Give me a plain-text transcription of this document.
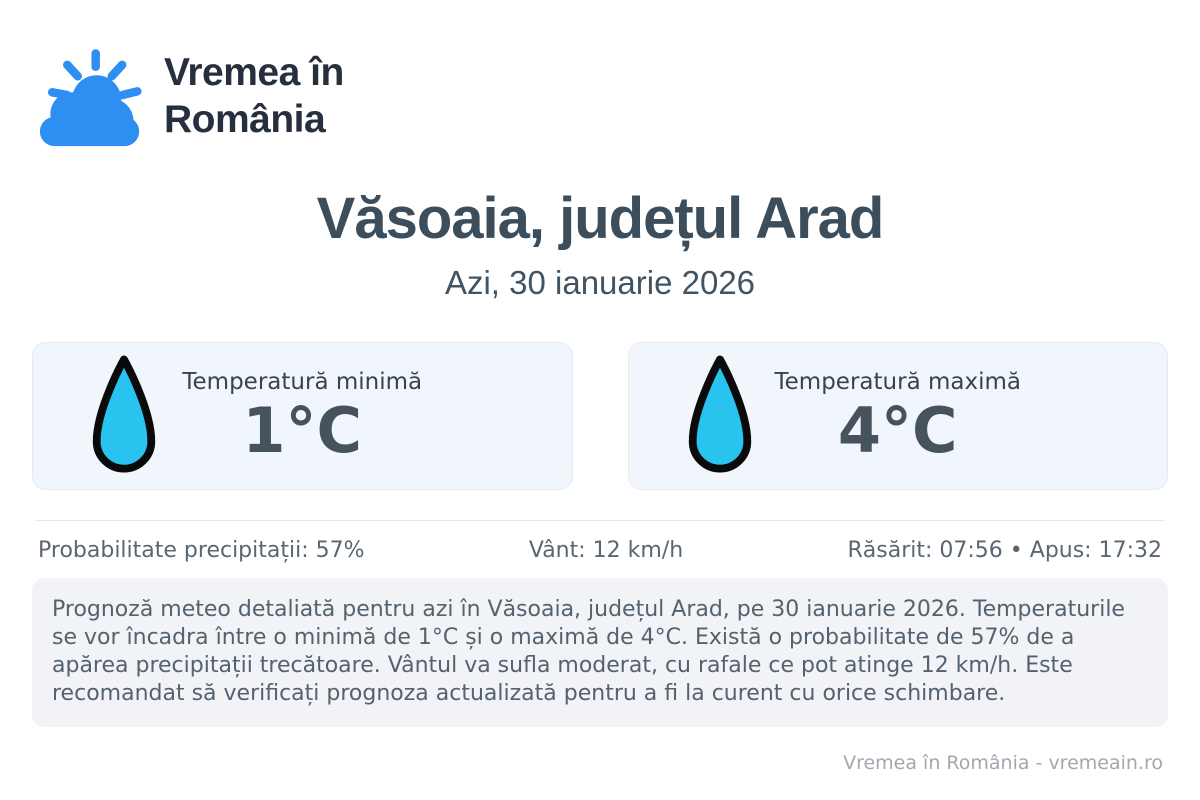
Vremea în
România
Văsoaia, județul Arad
Azi, 30 ianuarie 2026
Temperatură minimă
1°C
Temperatură maximă
4°C
Probabilitate precipitații: 57%	Vânt: 12 km/h	Răsărit: 07:56 • Apus: 17:32
Prognoză meteo detaliată pentru azi în Văsoaia, județul Arad, pe 30 ianuarie 2026. Temperaturile se vor încadra între o minimă de 1°C și o maximă de 4°C. Există o probabilitate de 57% de a apărea precipitații trecătoare. Vântul va sufla moderat, cu rafale ce pot atinge 12 km/h. Este recomandat să verificați prognoza actualizată pentru a fi la curent cu orice schimbare.
Vremea în România - vremeain.ro
